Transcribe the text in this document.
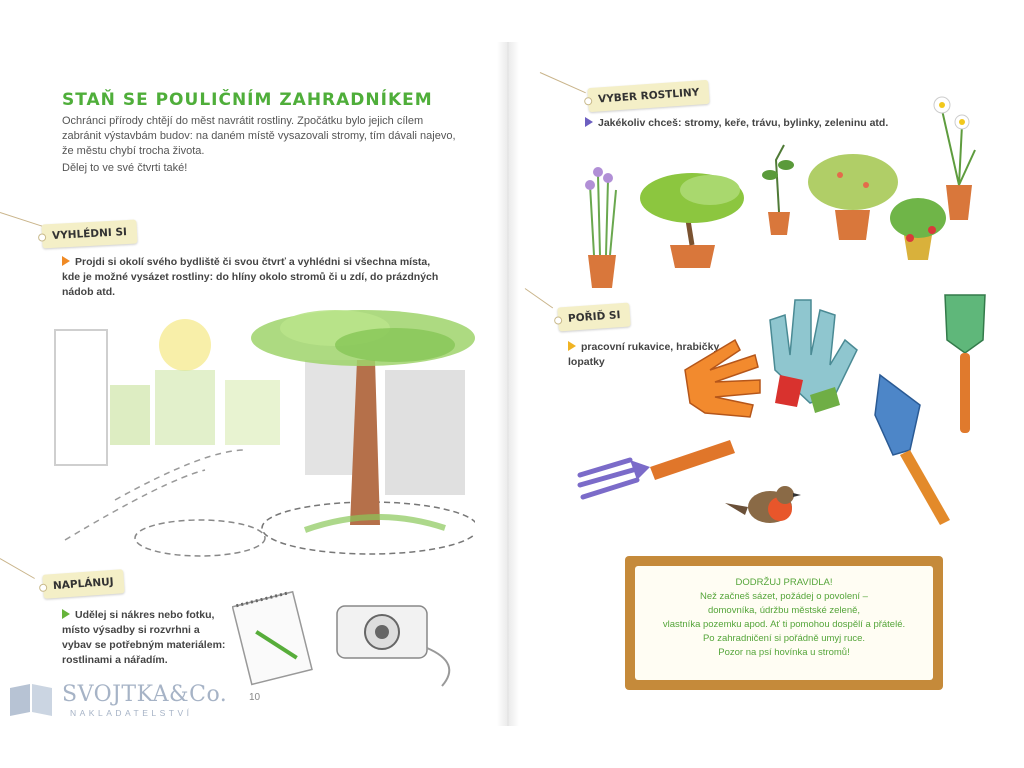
STAŇ SE POULIČNÍM ZAHRADNÍKEM

Ochránci přírody chtějí do měst navrátit rostliny. Zpočátku bylo jejich cílem zabránit výstavbám budov: na daném místě vysazovali stromy, tím dávali najevo, že městu chybí trocha života.

Dělej to ve své čtvrti také!

VYHLÉDNI SI

Projdi si okolí svého bydliště či svou čtvrť a vyhlédni si všechna místa, kde je možné vysázet rostliny: do hlíny okolo stromů či u zdí, do prázdných nádob atd.

NAPLÁNUJ

Udělej si nákres nebo fotku, místo výsadby si rozvrhni a vybav se potřebným materiálem: rostlinami a nářadím.

10
SVOJTKA&Co.
NAKLADATELSTVÍ
VYBER ROSTLINY

Jakékoliv chceš: stromy, keře, trávu, bylinky, zeleninu atd.

POŘIĎ SI

pracovní rukavice, hrabičky, lopatky

DODRŽUJ PRAVIDLA!
Než začneš sázet, požádej o povolení –
domovníka, údržbu městské zeleně,
vlastníka pozemku apod. Ať ti pomohou dospělí a přátelé.
Po zahradničení si pořádně umyj ruce.
Pozor na psí hovínka u stromů!
